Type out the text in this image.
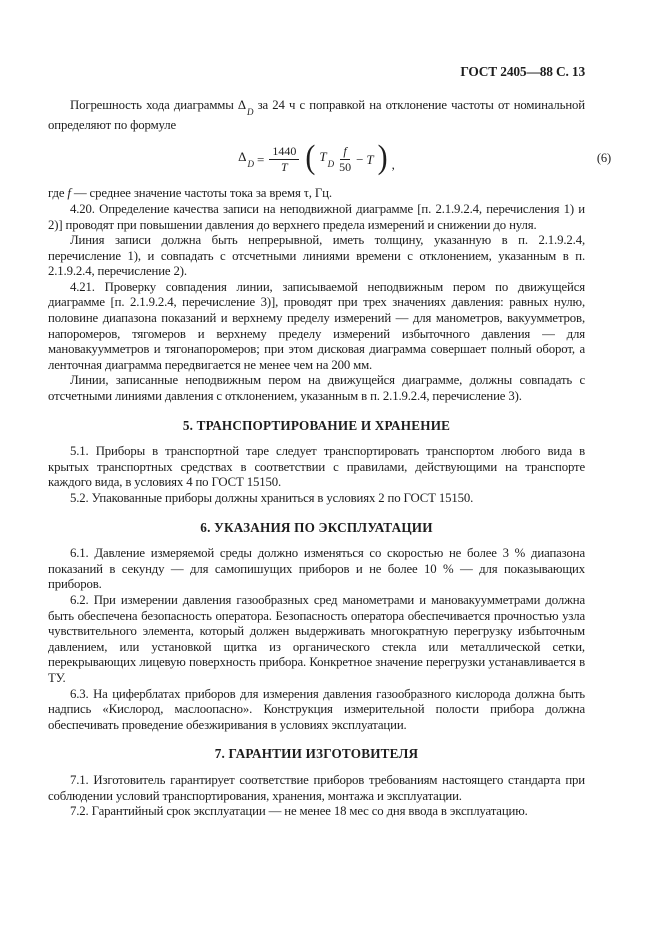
ГОСТ 2405—88 С. 13

Погрешность хода диаграммы $\Delta_D$ за 24 ч с поправкой на отклонение частоты от номинальной определяют по формуле

$\Delta_D = \frac{1440}{T}$ ( $T_D \frac{f}{50} - T$ ) ,	(6)

где f — среднее значение частоты тока за время τ, Гц.

4.20. Определение качества записи на неподвижной диаграмме [п. 2.1.9.2.4, перечисления 1) и 2)] проводят при повышении давления до верхнего предела измерений и снижении до нуля.

Линия записи должна быть непрерывной, иметь толщину, указанную в п. 2.1.9.2.4, перечисление 1), и совпадать с отсчетными линиями времени с отклонением, указанным в п. 2.1.9.2.4, перечисление 2).

4.21. Проверку совпадения линии, записываемой неподвижным пером по движущейся диаграмме [п. 2.1.9.2.4, перечисление 3)], проводят при трех значениях давления: равных нулю, половине диапазона показаний и верхнему пределу измерений — для манометров, вакуумметров, напоромеров, тягомеров и верхнему пределу измерений избыточного давления — для мановакуумметров и тягонапоромеров; при этом дисковая диаграмма совершает полный оборот, а ленточная диаграмма передвигается не менее чем на 200 мм.

Линии, записанные неподвижным пером на движущейся диаграмме, должны совпадать с отсчетными линиями давления с отклонением, указанным в п. 2.1.9.2.4, перечисление 3).

5. ТРАНСПОРТИРОВАНИЕ И ХРАНЕНИЕ

5.1. Приборы в транспортной таре следует транспортировать транспортом любого вида в крытых транспортных средствах в соответствии с правилами, действующими на транспорте каждого вида, в условиях 4 по ГОСТ 15150.

5.2. Упакованные приборы должны храниться в условиях 2 по ГОСТ 15150.

6. УКАЗАНИЯ ПО ЭКСПЛУАТАЦИИ

6.1. Давление измеряемой среды должно изменяться со скоростью не более 3 % диапазона показаний в секунду — для самопишущих приборов и не более 10 % — для показывающих приборов.

6.2. При измерении давления газообразных сред манометрами и мановакуумметрами должна быть обеспечена безопасность оператора. Безопасность оператора обеспечивается прочностью узла чувствительного элемента, который должен выдерживать многократную перегрузку избыточным давлением, или установкой щитка из органического стекла или металлической сетки, перекрывающих лицевую поверхность прибора. Конкретное значение перегрузки устанавливается в ТУ.

6.3. На циферблатах приборов для измерения давления газообразного кислорода должна быть надпись «Кислород, маслоопасно». Конструкция измерительной полости прибора должна обеспечивать проведение обезжиривания в условиях эксплуатации.

7. ГАРАНТИИ ИЗГОТОВИТЕЛЯ

7.1. Изготовитель гарантирует соответствие приборов требованиям настоящего стандарта при соблюдении условий транспортирования, хранения, монтажа и эксплуатации.

7.2. Гарантийный срок эксплуатации — не менее 18 мес со дня ввода в эксплуатацию.
